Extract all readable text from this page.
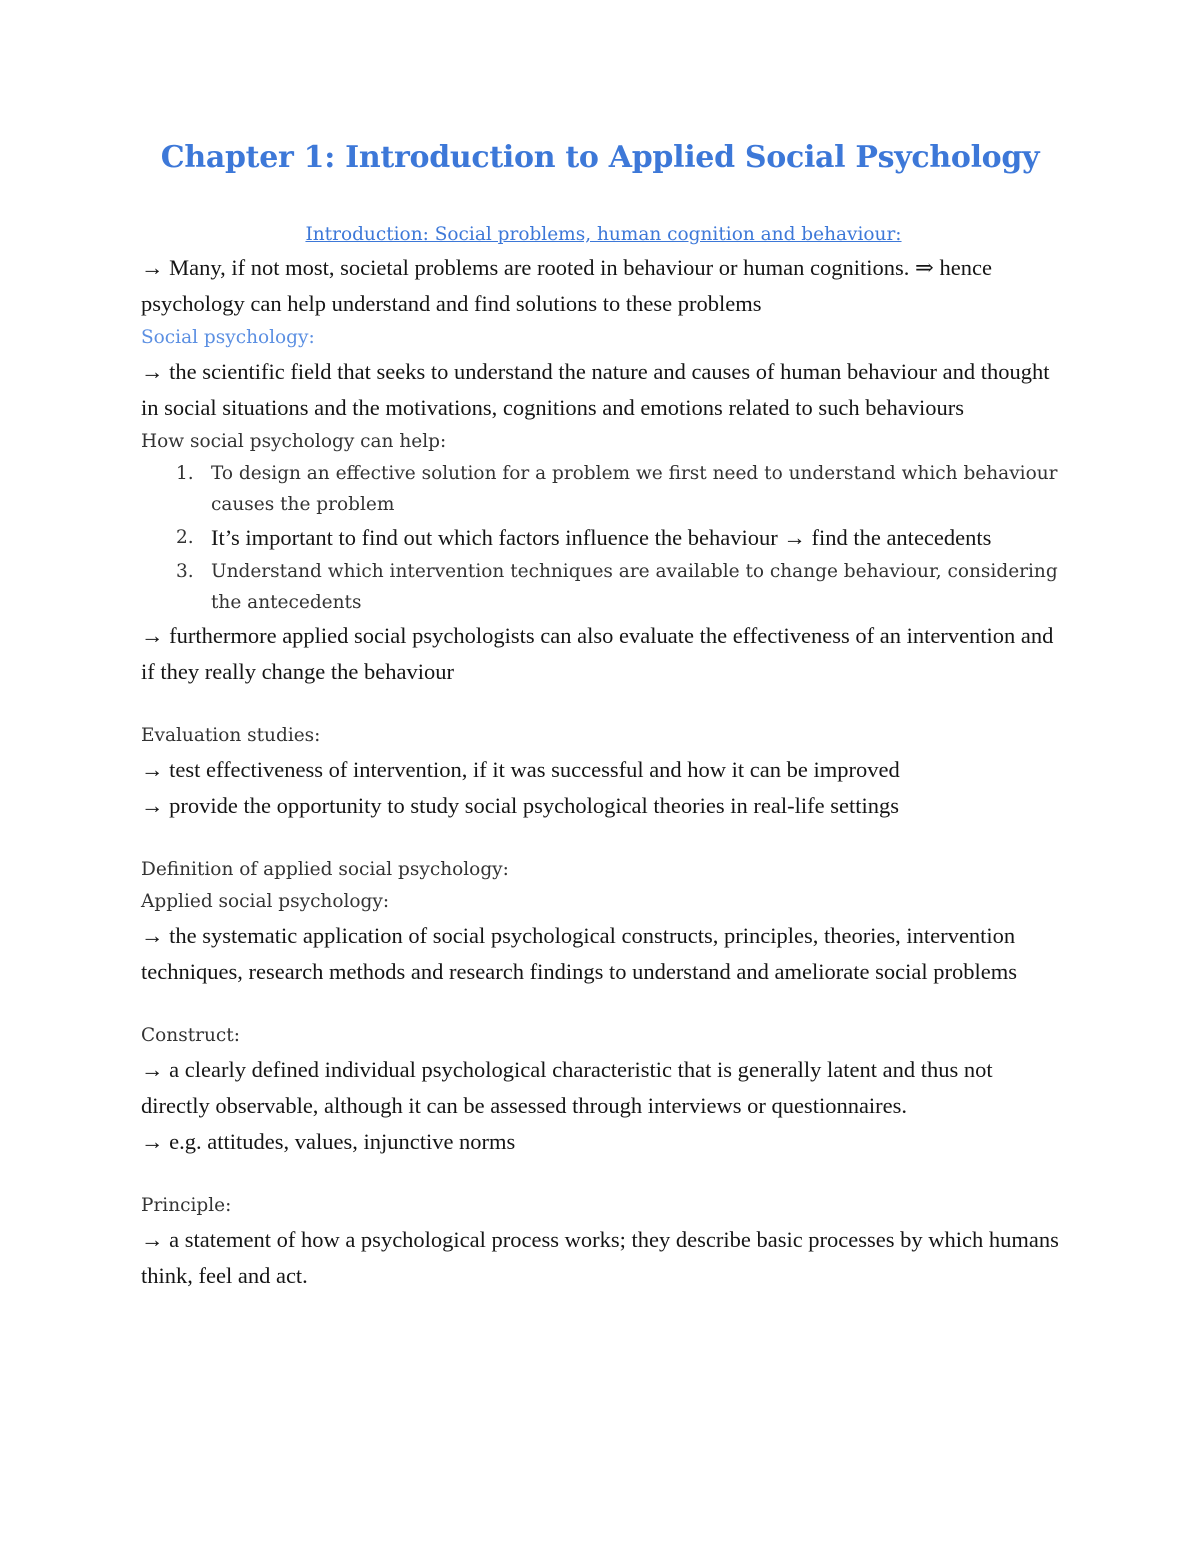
Chapter 1: Introduction to Applied Social Psychology

Introduction: Social problems, human cognition and behaviour:

→ Many, if not most, societal problems are rooted in behaviour or human cognitions. ⇒ hence psychology can help understand and find solutions to these problems

Social psychology:

→ the scientific field that seeks to understand the nature and causes of human behaviour and thought in social situations and the motivations, cognitions and emotions related to such behaviours

How social psychology can help:

1. To design an effective solution for a problem we first need to understand which behaviour causes the problem
2. It’s important to find out which factors influence the behaviour → find the antecedents
3. Understand which intervention techniques are available to change behaviour, considering the antecedents

→ furthermore applied social psychologists can also evaluate the effectiveness of an intervention and if they really change the behaviour

Evaluation studies:

→ test effectiveness of intervention, if it was successful and how it can be improved

→ provide the opportunity to study social psychological theories in real-life settings

Definition of applied social psychology:

Applied social psychology:

→ the systematic application of social psychological constructs, principles, theories, intervention techniques, research methods and research findings to understand and ameliorate social problems

Construct:

→ a clearly defined individual psychological characteristic that is generally latent and thus not directly observable, although it can be assessed through interviews or questionnaires.

→ e.g. attitudes, values, injunctive norms

Principle:

→ a statement of how a psychological process works; they describe basic processes by which humans think, feel and act.
